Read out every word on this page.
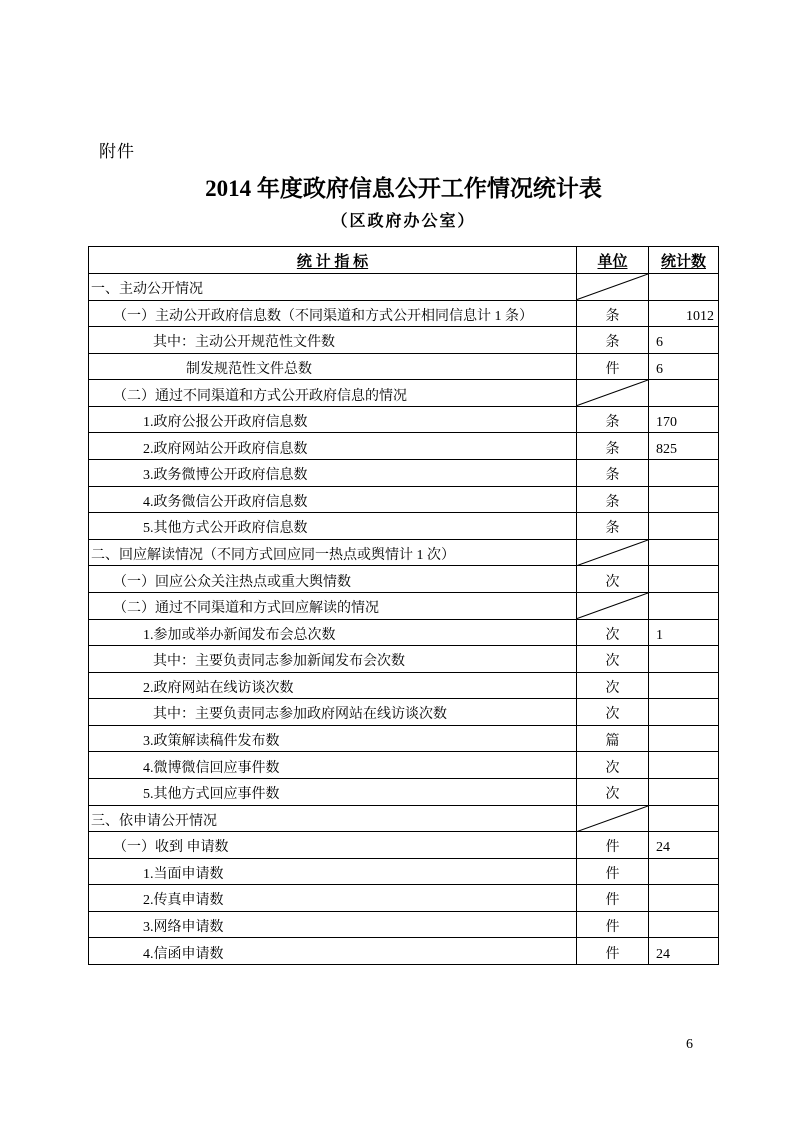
附件
2014 年度政府信息公开工作情况统计表
（区政府办公室）
统 计 指 标	单位	统计数
一、主动公开情况
（一）主动公开政府信息数（不同渠道和方式公开相同信息计 1 条）	条	1012
其中：主动公开规范性文件数	条	6
制发规范性文件总数	件	6
（二）通过不同渠道和方式公开政府信息的情况
1.政府公报公开政府信息数	条	170
2.政府网站公开政府信息数	条	825
3.政务微博公开政府信息数	条
4.政务微信公开政府信息数	条
5.其他方式公开政府信息数	条
二、回应解读情况（不同方式回应同一热点或舆情计 1 次）
（一）回应公众关注热点或重大舆情数	次
（二）通过不同渠道和方式回应解读的情况
1.参加或举办新闻发布会总次数	次	1
其中：主要负责同志参加新闻发布会次数	次
2.政府网站在线访谈次数	次
其中：主要负责同志参加政府网站在线访谈次数	次
3.政策解读稿件发布数	篇
4.微博微信回应事件数	次
5.其他方式回应事件数	次
三、依申请公开情况
（一）收到 申请数	件	24
1.当面申请数	件
2.传真申请数	件
3.网络申请数	件
4.信函申请数	件	24
6
